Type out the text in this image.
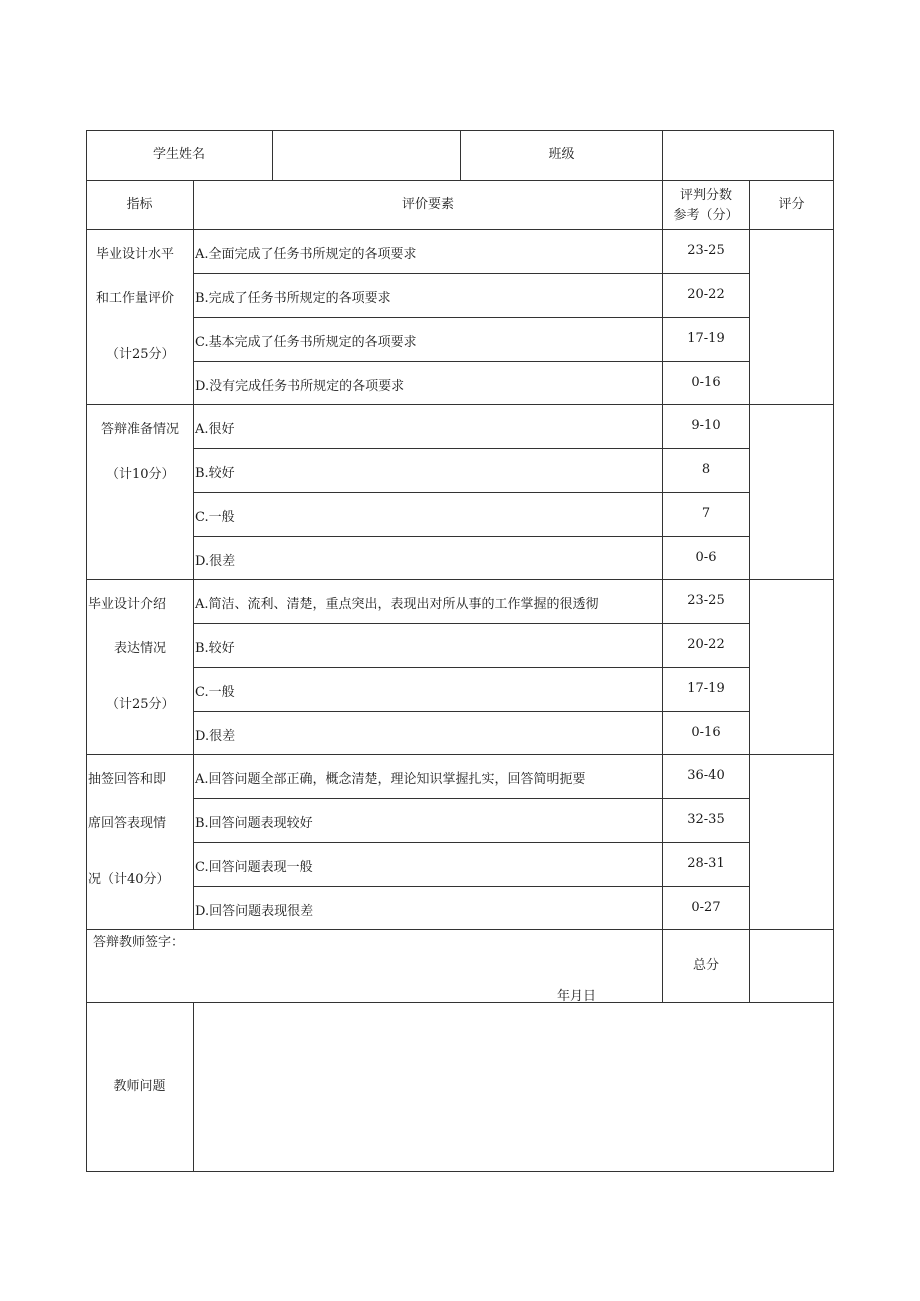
学生姓名	班级
指标	评价要素
评判分数
参考（分）
评分
毕业设计水平
和工作量评价
（计25分）
A.全面完成了任务书所规定的各项要求
B.完成了任务书所规定的各项要求
C.基本完成了任务书所规定的各项要求
D.没有完成任务书所规定的各项要求
23-25
20-22
17-19
0-16
答辩准备情况
（计10分）
A.很好
B.较好
C.一般
D.很差
9-10
8
7
0-6
毕业设计介绍
表达情况
（计25分）
A.简洁、流利、清楚，重点突出，表现出对所从事的工作掌握的很透彻
B.较好
C.一般
D.很差
23-25
20-22
17-19
0-16
抽签回答和即
席回答表现情
况（计40分）
A.回答问题全部正确，概念清楚，理论知识掌握扎实，回答简明扼要
B.回答问题表现较好
C.回答问题表现一般
D.回答问题表现很差
36-40
32-35
28-31
0-27
答辩教师签字：
年月日
总分
教师问题
